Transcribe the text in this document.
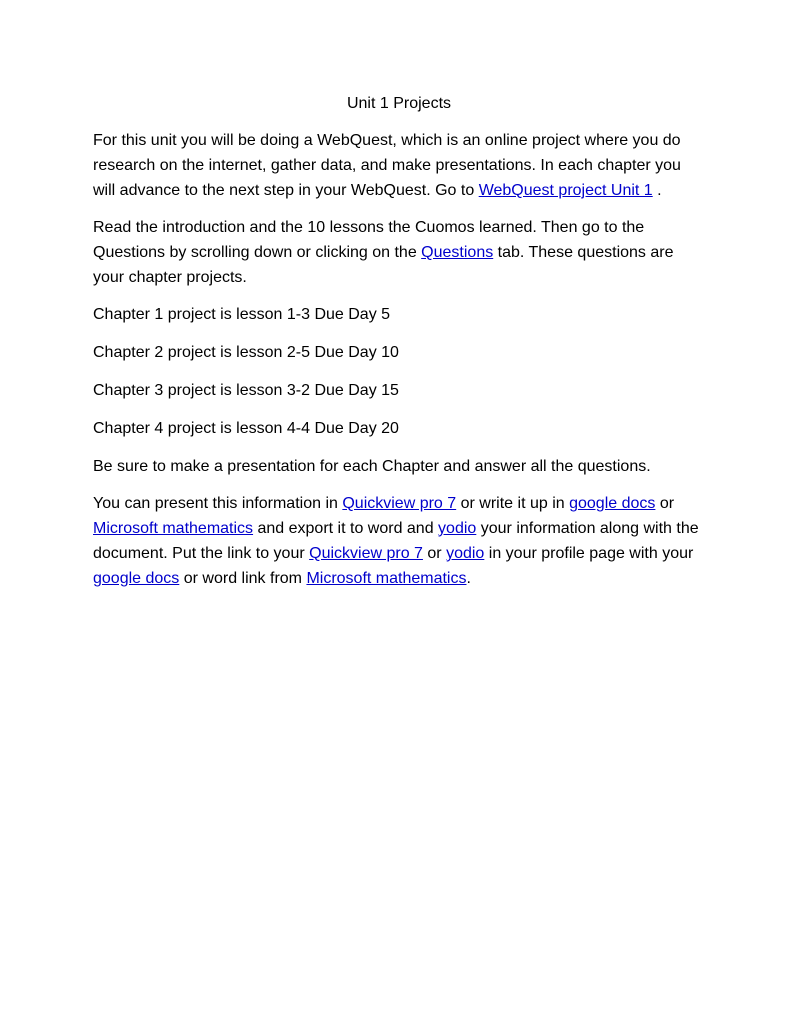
Unit 1 Projects

For this unit you will be doing a WebQuest, which is an online project where you do research on the internet, gather data, and make presentations. In each chapter you will advance to the next step in your WebQuest. Go to WebQuest project Unit 1 .

Read the introduction and the 10 lessons the Cuomos learned. Then go to the Questions by scrolling down or clicking on the Questions tab. These questions are your chapter projects.

Chapter 1 project is lesson 1-3 Due Day 5

Chapter 2 project is lesson 2-5 Due Day 10

Chapter 3 project is lesson 3-2 Due Day 15

Chapter 4 project is lesson 4-4 Due Day 20

Be sure to make a presentation for each Chapter and answer all the questions.

You can present this information in Quickview pro 7 or write it up in google docs or Microsoft mathematics and export it to word and yodio your information along with the document. Put the link to your Quickview pro 7 or yodio in your profile page with your google docs or word link from Microsoft mathematics.
